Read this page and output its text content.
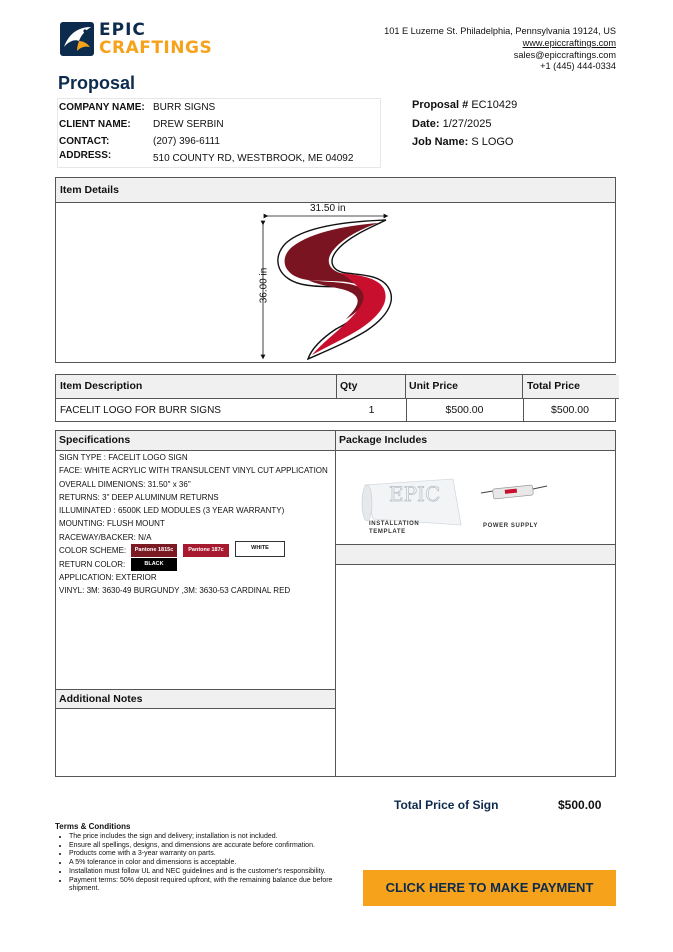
EPIC
CRAFTINGS
101 E Luzerne St. Philadelphia, Pennsylvania 19124, US
www.epiccraftings.com
sales@epiccraftings.com
+1 (445) 444-0334
Proposal
COMPANY NAME: BURR SIGNS
CLIENT NAME: DREW SERBIN
CONTACT:	(207) 396-6111
ADDRESS:	510 COUNTY RD, WESTBROOK, ME 04092
Proposal # EC10429
Date: 1/27/2025
Job Name: S LOGO
Item Details
31.50 in
36.00 in
Item Description	Qty	Unit Price	Total Price
FACELIT LOGO FOR BURR SIGNS	1	$500.00	$500.00
Specifications	Package Includes
SIGN TYPE : FACELIT LOGO SIGN
FACE: WHITE ACRYLIC WITH TRANSULCENT VINYL CUT APPLICATION
OVERALL DIMENIONS: 31.50" x 36"
RETURNS: 3" DEEP ALUMINUM RETURNS
ILLUMINATED : 6500K LED MODULES (3 YEAR WARRANTY)
MOUNTING: FLUSH MOUNT
RACEWAY/BACKER: N/A
COLOR SCHEME:	Pantone 1815c	Pantone 187c	WHITE
RETURN COLOR:	BLACK
APPLICATION: EXTERIOR
VINYL: 3M: 3630-49 BURGUNDY ,3M: 3630-53 CARDINAL RED
EPIC
INSTALLATION
TEMPLATE
POWER SUPPLY
Additional Notes
Total Price of Sign	$500.00
Terms & Conditions
• The price includes the sign and delivery; installation is not included.
• Ensure all spellings, designs, and dimensions are accurate before confirmation.
• Products come with a 3-year warranty on parts.
• A 5% tolerance in color and dimensions is acceptable.
• Installation must follow UL and NEC guidelines and is the customer's responsibility.
• Payment terms: 50% deposit required upfront, with the remaining balance due before shipment.	CLICK HERE TO MAKE PAYMENT
